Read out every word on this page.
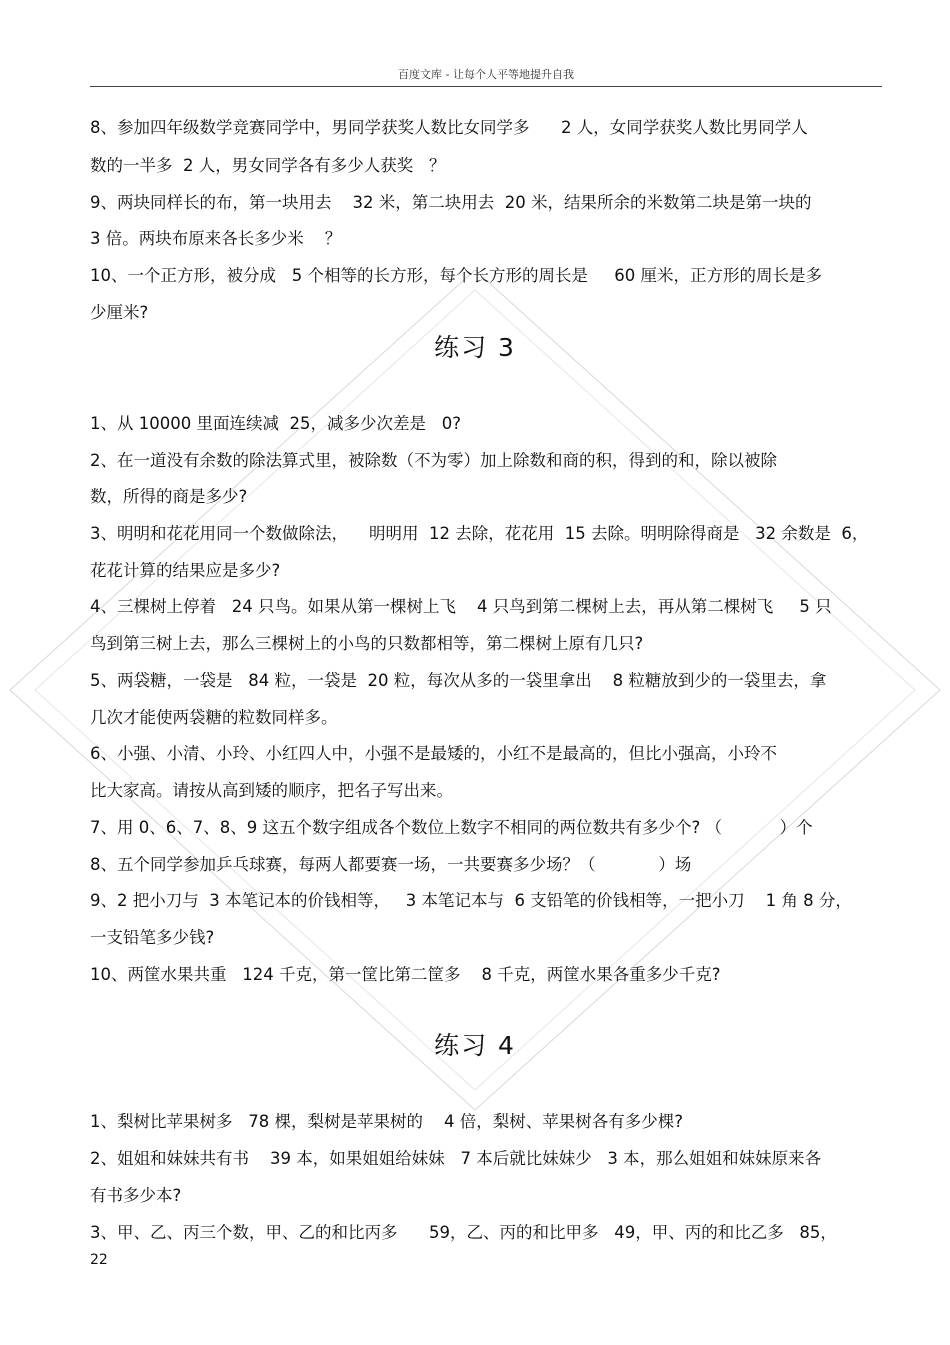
百度文库 - 让每个人平等地提升自我
8、参加四年级数学竞赛同学中，男同学获奖人数比女同学多      2 人，女同学获奖人数比男同学人
数的一半多  2 人，男女同学各有多少人获奖   ？
9、两块同样长的布，第一块用去    32 米，第二块用去  20 米，结果所余的米数第二块是第一块的
3 倍。两块布原来各长多少米    ？
10、一个正方形，被分成   5 个相等的长方形，每个长方形的周长是     60 厘米，正方形的周长是多
少厘米?
练习 3
1、从 10000 里面连续减  25，减多少次差是   0?
2、在一道没有余数的除法算式里，被除数（不为零）加上除数和商的积，得到的和，除以被除
数，所得的商是多少?
3、明明和花花用同一个数做除法，    明明用  12 去除，花花用  15 去除。明明除得商是   32 余数是  6，
花花计算的结果应是多少?
4、三棵树上停着   24 只鸟。如果从第一棵树上飞    4 只鸟到第二棵树上去，再从第二棵树飞     5 只
鸟到第三树上去，那么三棵树上的小鸟的只数都相等，第二棵树上原有几只?
5、两袋糖，一袋是   84 粒，一袋是  20 粒，每次从多的一袋里拿出    8 粒糖放到少的一袋里去，拿
几次才能使两袋糖的粒数同样多。
6、小强、小清、小玲、小红四人中，小强不是最矮的，小红不是最高的，但比小强高，小玲不
比大家高。请按从高到矮的顺序，把名子写出来。
7、用 0、6、7、8、9 这五个数字组成各个数位上数字不相同的两位数共有多少个? （           ）个
8、五个同学参加乒乓球赛，每两人都要赛一场，一共要赛多少场？（            ）场
9、2 把小刀与  3 本笔记本的价钱相等，   3 本笔记本与  6 支铅笔的价钱相等，一把小刀    1 角 8 分，
一支铅笔多少钱?
10、两筐水果共重   124 千克，第一筐比第二筐多    8 千克，两筐水果各重多少千克?
练习 4
1、梨树比苹果树多   78 棵，梨树是苹果树的    4 倍，梨树、苹果树各有多少棵?
2、姐姐和妹妹共有书    39 本，如果姐姐给妹妹   7 本后就比妹妹少   3 本，那么姐姐和妹妹原来各
有书多少本?
3、甲、乙、丙三个数，甲、乙的和比丙多      59，乙、丙的和比甲多   49，甲、丙的和比乙多   85，
22
